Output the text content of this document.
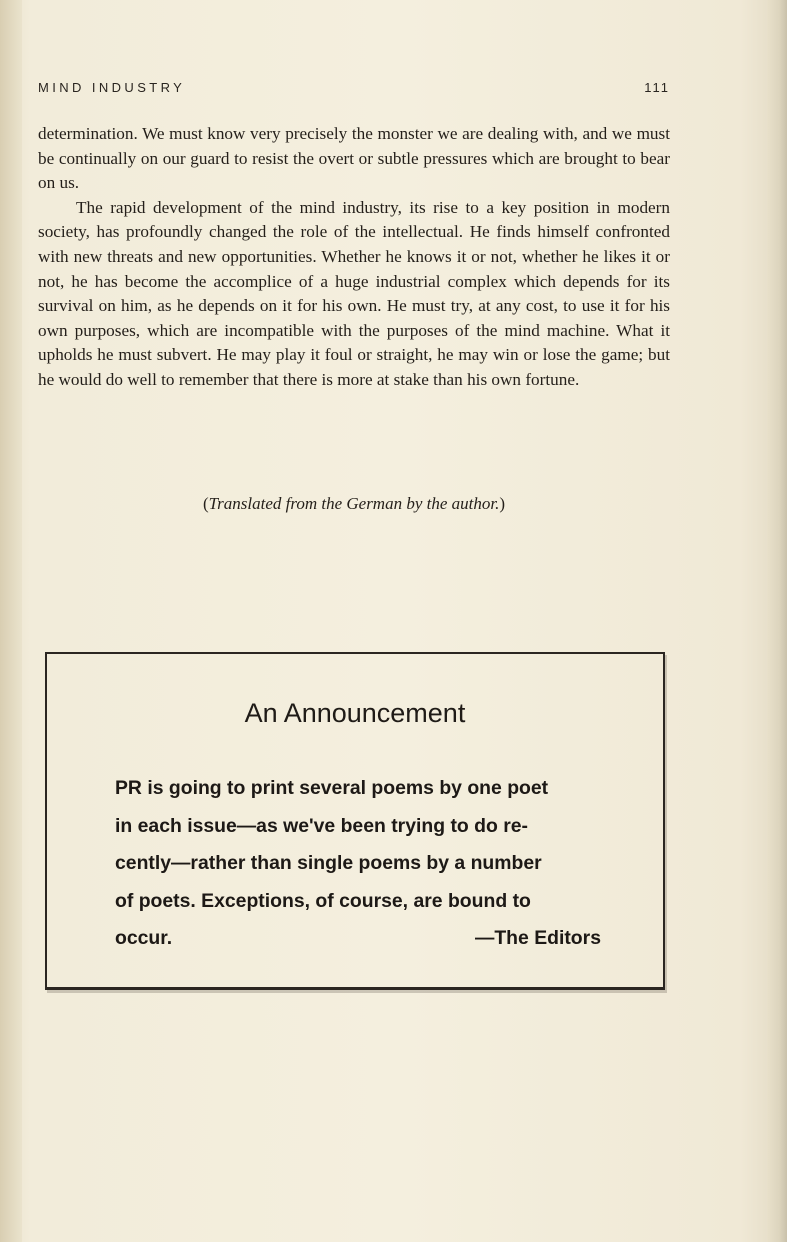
MIND INDUSTRY	111

determination. We must know very precisely the monster we are dealing with, and we must be continually on our guard to resist the overt or subtle pressures which are brought to bear on us.

The rapid development of the mind industry, its rise to a key position in modern society, has profoundly changed the role of the intellectual. He finds himself confronted with new threats and new opportunities. Whether he knows it or not, whether he likes it or not, he has become the accomplice of a huge industrial complex which depends for its survival on him, as he depends on it for his own. He must try, at any cost, to use it for his own purposes, which are incompatible with the purposes of the mind machine. What it upholds he must subvert. He may play it foul or straight, he may win or lose the game; but he would do well to remember that there is more at stake than his own fortune.

(Translated from the German by the author.)
An Announcement
PR is going to print several poems by one poet
in each issue—as we've been trying to do re-
cently—rather than single poems by a number
of poets. Exceptions, of course, are bound to
occur.	—The Editors
